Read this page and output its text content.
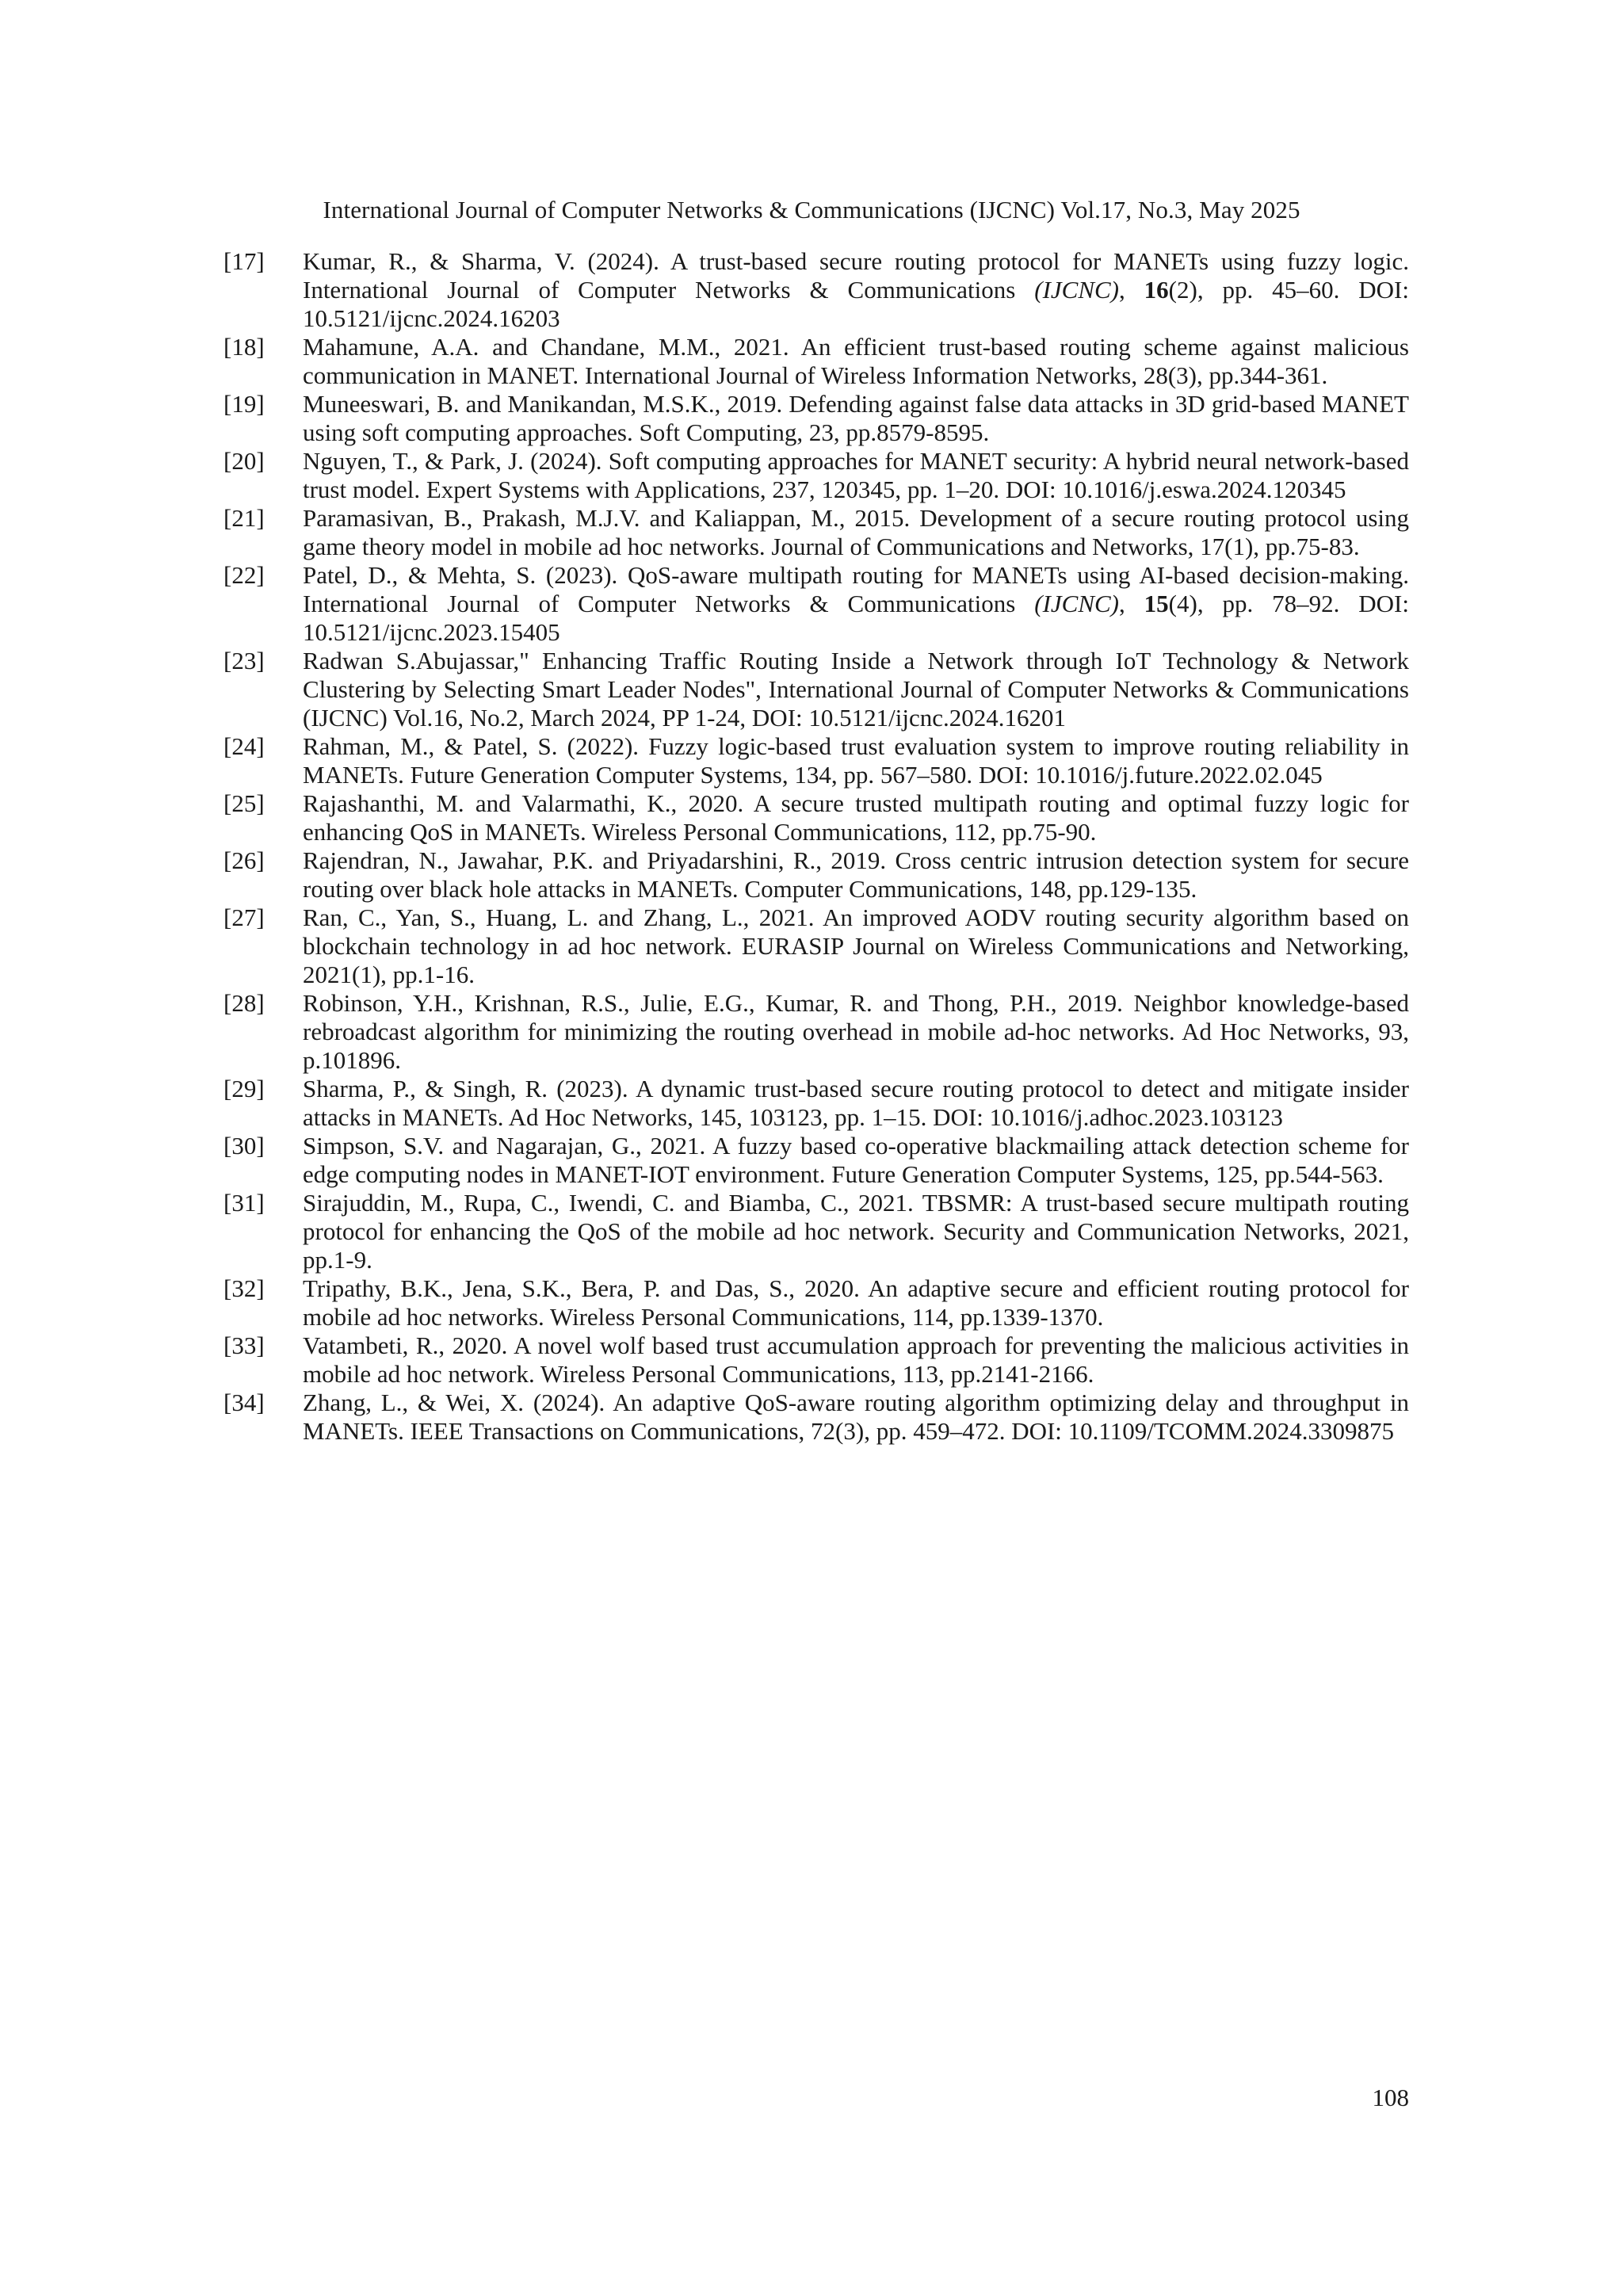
International Journal of Computer Networks & Communications (IJCNC) Vol.17, No.3, May 2025
[17]	Kumar, R., & Sharma, V. (2024). A trust-based secure routing protocol for MANETs using fuzzy logic. International Journal of Computer Networks & Communications (IJCNC), 16(2), pp. 45–60. DOI: 10.5121/ijcnc.2024.16203
[18]	Mahamune, A.A. and Chandane, M.M., 2021. An efficient trust-based routing scheme against malicious communication in MANET. International Journal of Wireless Information Networks, 28(3), pp.344-361.
[19]	Muneeswari, B. and Manikandan, M.S.K., 2019. Defending against false data attacks in 3D grid-based MANET using soft computing approaches. Soft Computing, 23, pp.8579-8595.
[20]	Nguyen, T., & Park, J. (2024). Soft computing approaches for MANET security: A hybrid neural network-based trust model. Expert Systems with Applications, 237, 120345, pp. 1–20. DOI: 10.1016/j.eswa.2024.120345
[21]	Paramasivan, B., Prakash, M.J.V. and Kaliappan, M., 2015. Development of a secure routing protocol using game theory model in mobile ad hoc networks. Journal of Communications and Networks, 17(1), pp.75-83.
[22]	Patel, D., & Mehta, S. (2023). QoS-aware multipath routing for MANETs using AI-based decision-making. International Journal of Computer Networks & Communications (IJCNC), 15(4), pp. 78–92. DOI: 10.5121/ijcnc.2023.15405
[23]	Radwan S.Abujassar," Enhancing Traffic Routing Inside a Network through IoT Technology & Network Clustering by Selecting Smart Leader Nodes", International Journal of Computer Networks & Communications (IJCNC) Vol.16, No.2, March 2024, PP 1-24, DOI: 10.5121/ijcnc.2024.16201
[24]	Rahman, M., & Patel, S. (2022). Fuzzy logic-based trust evaluation system to improve routing reliability in MANETs. Future Generation Computer Systems, 134, pp. 567–580. DOI: 10.1016/j.future.2022.02.045
[25]	Rajashanthi, M. and Valarmathi, K., 2020. A secure trusted multipath routing and optimal fuzzy logic for enhancing QoS in MANETs. Wireless Personal Communications, 112, pp.75-90.
[26]	Rajendran, N., Jawahar, P.K. and Priyadarshini, R., 2019. Cross centric intrusion detection system for secure routing over black hole attacks in MANETs. Computer Communications, 148, pp.129-135.
[27]	Ran, C., Yan, S., Huang, L. and Zhang, L., 2021. An improved AODV routing security algorithm based on blockchain technology in ad hoc network. EURASIP Journal on Wireless Communications and Networking, 2021(1), pp.1-16.
[28]	Robinson, Y.H., Krishnan, R.S., Julie, E.G., Kumar, R. and Thong, P.H., 2019. Neighbor knowledge-based rebroadcast algorithm for minimizing the routing overhead in mobile ad-hoc networks. Ad Hoc Networks, 93, p.101896.
[29]	Sharma, P., & Singh, R. (2023). A dynamic trust-based secure routing protocol to detect and mitigate insider attacks in MANETs. Ad Hoc Networks, 145, 103123, pp. 1–15. DOI: 10.1016/j.adhoc.2023.103123
[30]	Simpson, S.V. and Nagarajan, G., 2021. A fuzzy based co-operative blackmailing attack detection scheme for edge computing nodes in MANET-IOT environment. Future Generation Computer Systems, 125, pp.544-563.
[31]	Sirajuddin, M., Rupa, C., Iwendi, C. and Biamba, C., 2021. TBSMR: A trust-based secure multipath routing protocol for enhancing the QoS of the mobile ad hoc network. Security and Communication Networks, 2021, pp.1-9.
[32]	Tripathy, B.K., Jena, S.K., Bera, P. and Das, S., 2020. An adaptive secure and efficient routing protocol for mobile ad hoc networks. Wireless Personal Communications, 114, pp.1339-1370.
[33]	Vatambeti, R., 2020. A novel wolf based trust accumulation approach for preventing the malicious activities in mobile ad hoc network. Wireless Personal Communications, 113, pp.2141-2166.
[34]	Zhang, L., & Wei, X. (2024). An adaptive QoS-aware routing algorithm optimizing delay and throughput in MANETs. IEEE Transactions on Communications, 72(3), pp. 459–472. DOI: 10.1109/TCOMM.2024.3309875
108
